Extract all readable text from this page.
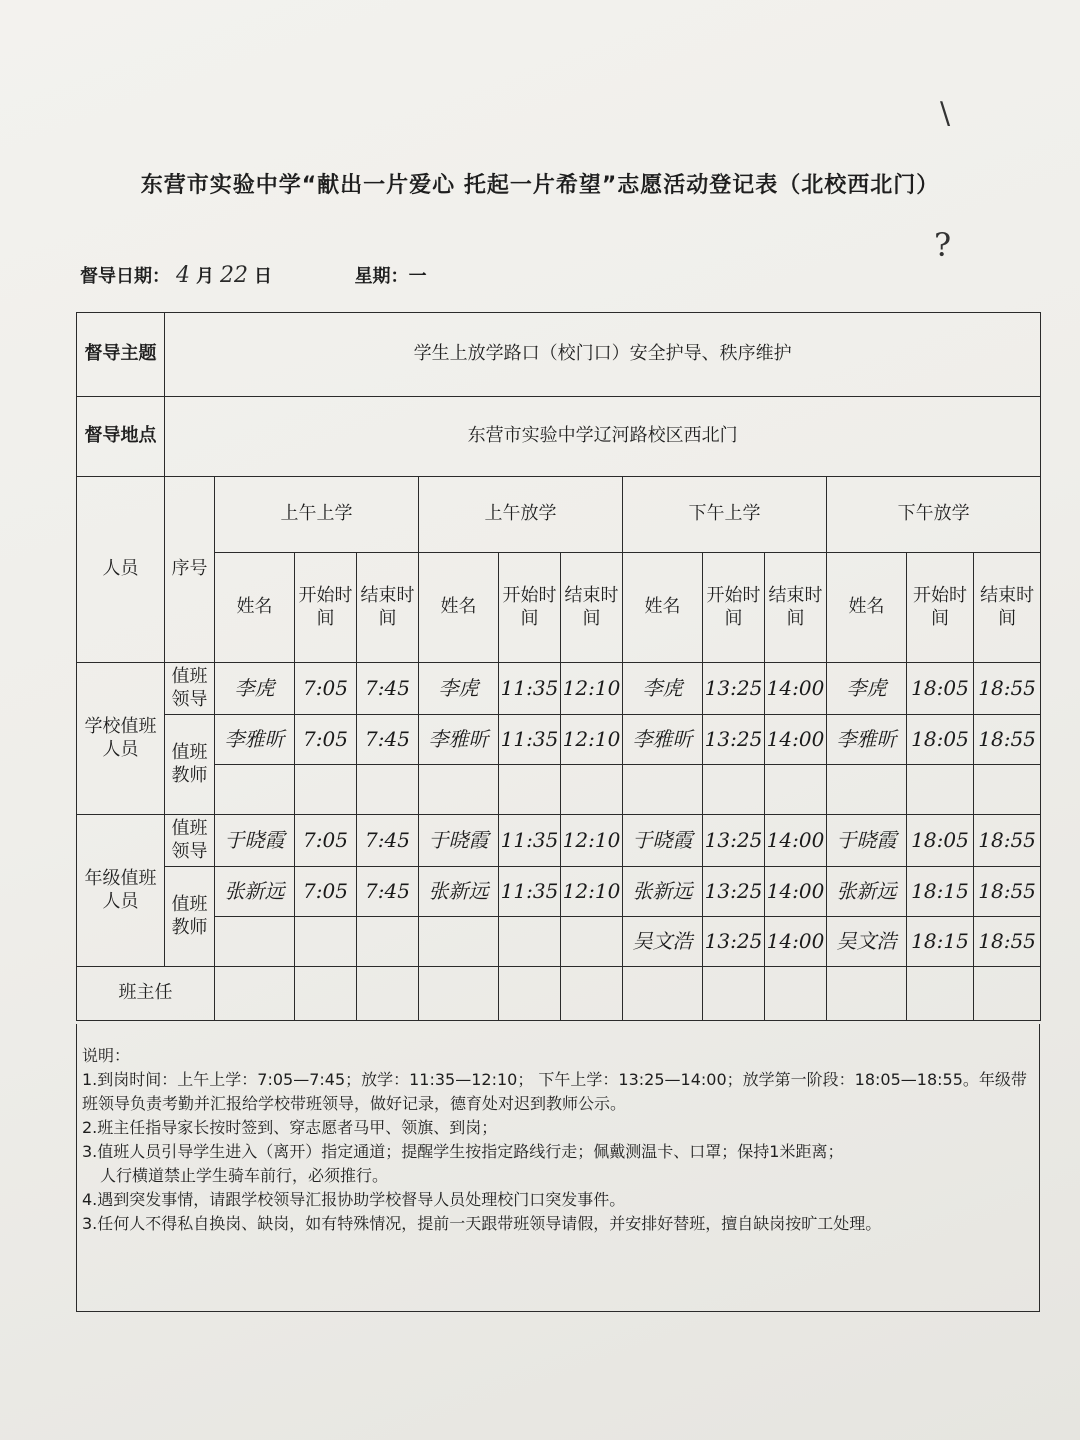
\
?
东营市实验中学“献出一片爱心 托起一片希望”志愿活动登记表（北校西北门）
督导日期： 4 月 22 日	星期：一
督导主题	学生上放学路口（校门口）安全护导、秩序维护												
督导地点	东营市实验中学辽河路校区西北门												
人员	序号	上午上学			上午放学			下午上学			下午放学		
		姓名	开始时间	结束时间	姓名	开始时间	结束时间	姓名	开始时间	结束时间	姓名	开始时间	结束时间
学校值班人员	值班领导	李虎	7:05	7:45	李虎	11:35	12:10	李虎	13:25	14:00	李虎	18:05	18:55
	值班教师	李雅昕	7:05	7:45	李雅昕	11:35	12:10	李雅昕	13:25	14:00	李雅昕	18:05	18:55

年级值班人员	值班领导	于晓霞	7:05	7:45	于晓霞	11:35	12:10	于晓霞	13:25	14:00	于晓霞	18:05	18:55
	值班教师	张新远	7:05	7:45	张新远	11:35	12:10	张新远	13:25	14:00	张新远	18:15	18:55
								吴文浩	13:25	14:00	吴文浩	18:15	18:55
班主任													
说明：
1.到岗时间：上午上学：7:05—7:45；放学：11:35—12:10； 下午上学：13:25—14:00；放学第一阶段：18:05—18:55。年级带班领导负责考勤并汇报给学校带班领导，做好记录，德育处对迟到教师公示。
2.班主任指导家长按时签到、穿志愿者马甲、领旗、到岗；
3.值班人员引导学生进入（离开）指定通道；提醒学生按指定路线行走；佩戴测温卡、口罩；保持1米距离；
人行横道禁止学生骑车前行，必须推行。
4.遇到突发事情，请跟学校领导汇报协助学校督导人员处理校门口突发事件。
3.任何人不得私自换岗、缺岗，如有特殊情况，提前一天跟带班领导请假，并安排好替班，擅自缺岗按旷工处理。
